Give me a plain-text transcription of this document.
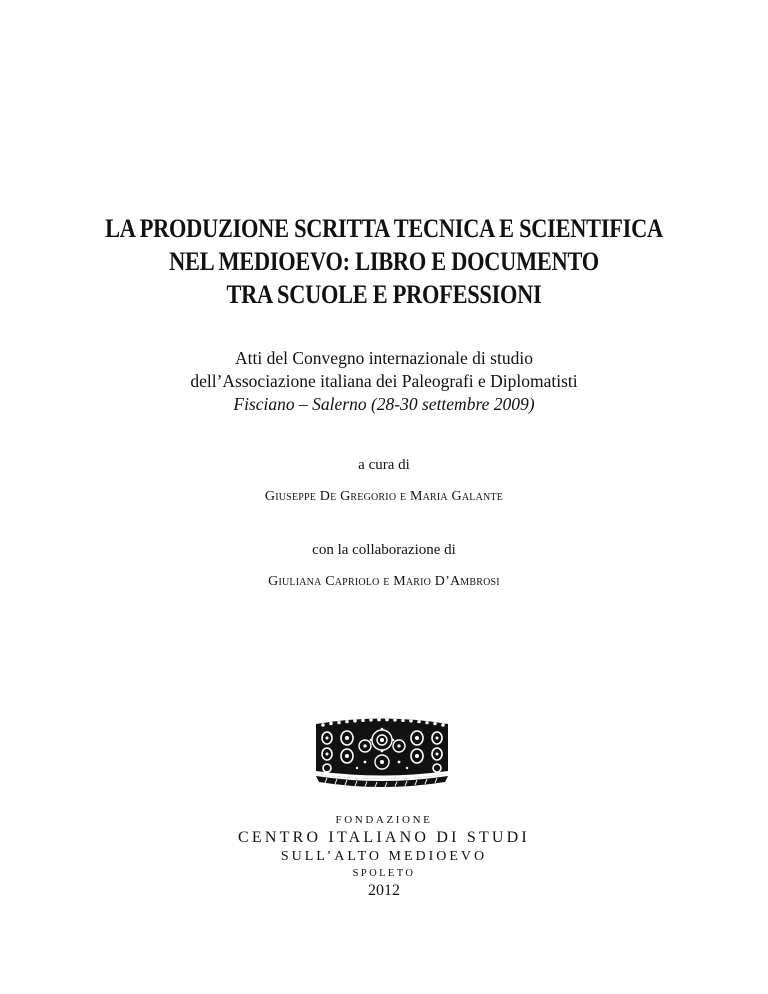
LA PRODUZIONE SCRITTA TECNICA E SCIENTIFICA
NEL MEDIOEVO: LIBRO E DOCUMENTO
TRA SCUOLE E PROFESSIONI
Atti del Convegno internazionale di studio
dell’Associazione italiana dei Paleografi e Diplomatisti
Fisciano – Salerno (28-30 settembre 2009)
a cura di
Giuseppe De Gregorio e Maria Galante
con la collaborazione di
Giuliana Capriolo e Mario D’Ambrosi
FONDAZIONE
CENTRO ITALIANO DI STUDI
SULL’ALTO MEDIOEVO
SPOLETO
2012
